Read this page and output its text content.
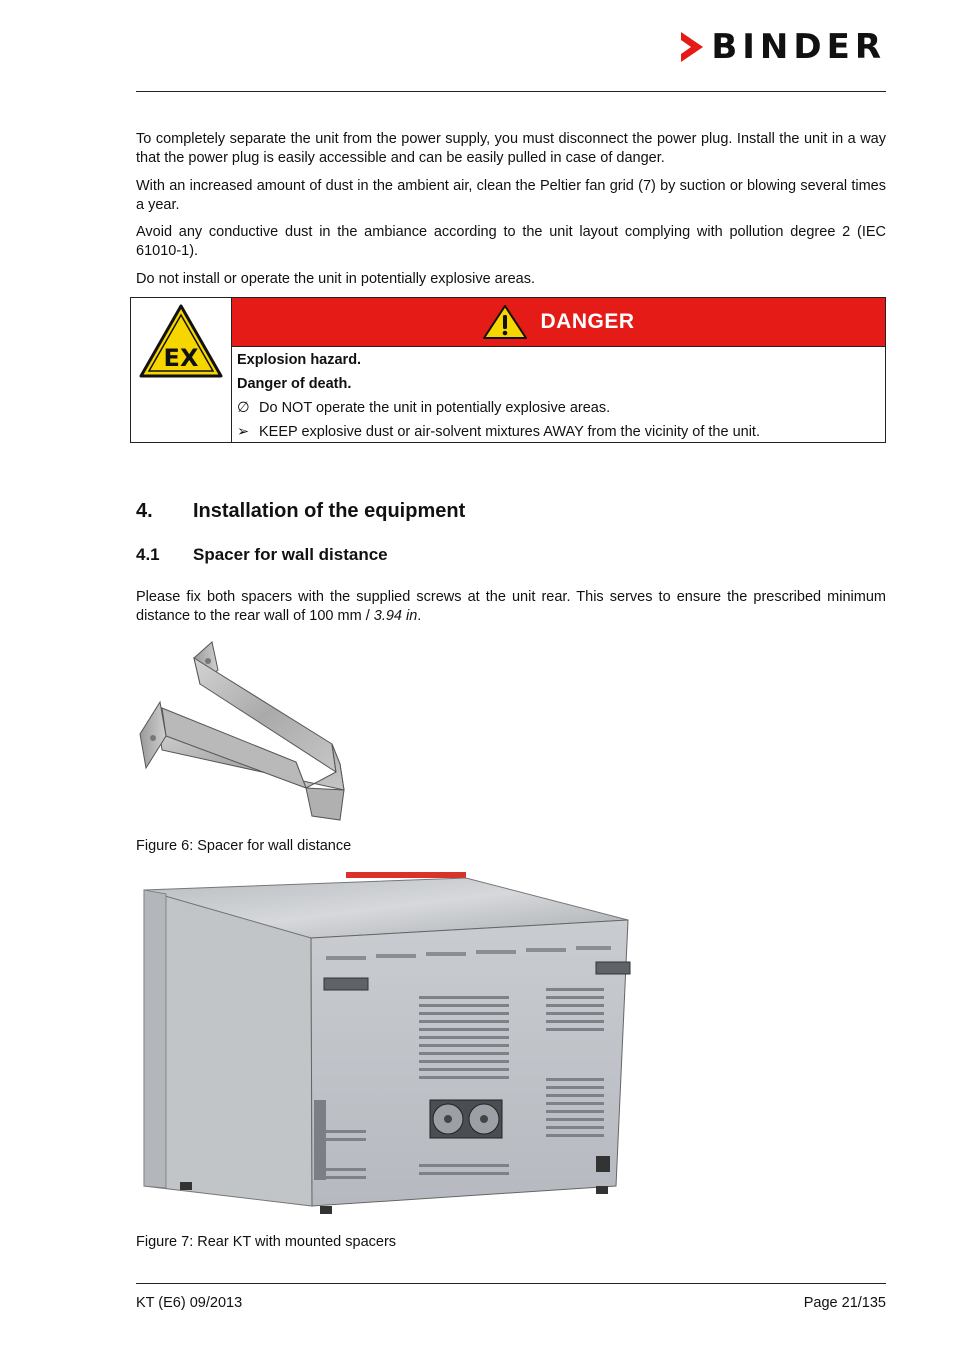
BINDER

To completely separate the unit from the power supply, you must disconnect the power plug. Install the unit in a way that the power plug is easily accessible and can be easily pulled in case of danger.

With an increased amount of dust in the ambient air, clean the Peltier fan grid (7) by suction or blowing several times a year.

Avoid any conductive dust in the ambiance according to the unit layout complying with pollution degree 2 (IEC 61010-1).

Do not install or operate the unit in potentially explosive areas.

EX
DANGER
Explosion hazard.
Danger of death.
∅ Do NOT operate the unit in potentially explosive areas.
➢ KEEP explosive dust or air-solvent mixtures AWAY from the vicinity of the unit.
4. Installation of the equipment
4.1 Spacer for wall distance

Please fix both spacers with the supplied screws at the unit rear. This serves to ensure the prescribed minimum distance to the rear wall of 100 mm / 3.94 in.

Figure 6: Spacer for wall distance
Figure 7: Rear KT with mounted spacers
KT (E6) 09/2013	Page 21/135
